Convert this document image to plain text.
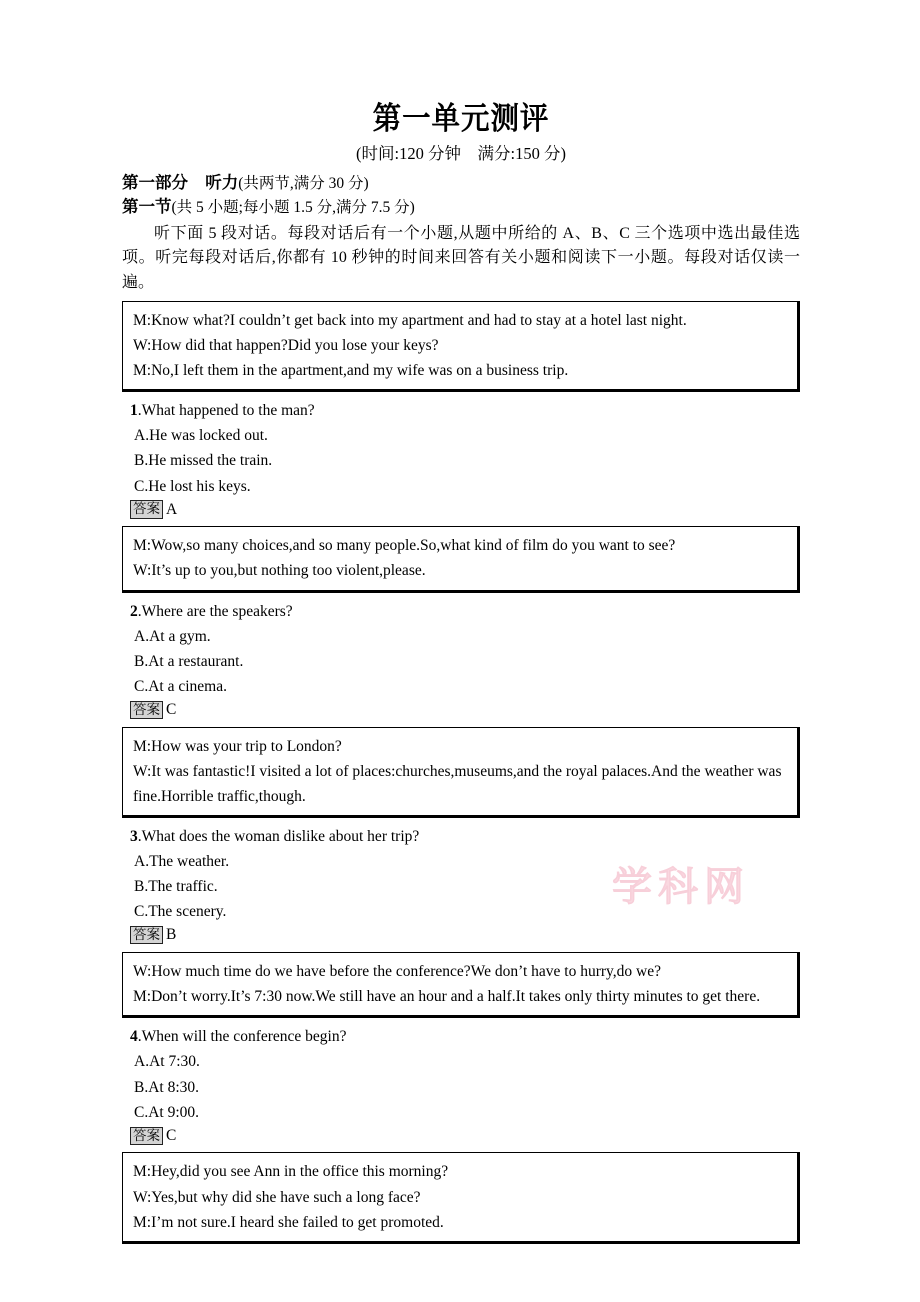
学科网
第一单元测评
(时间:120 分钟    满分:150 分)

第一部分   听力(共两节,满分 30 分)

第一节(共 5 小题;每小题 1.5 分,满分 7.5 分)

听下面 5 段对话。每段对话后有一个小题,从题中所给的 A、B、C 三个选项中选出最佳选项。听完每段对话后,你都有 10 秒钟的时间来回答有关小题和阅读下一小题。每段对话仅读一遍。

M:Know what?I couldn’t get back into my apartment and had to stay at a hotel last night.

W:How did that happen?Did you lose your keys?

M:No,I left them in the apartment,and my wife was on a business trip.

1.What happened to the man?

A.He was locked out.

B.He missed the train.

C.He lost his keys.

答案 A

M:Wow,so many choices,and so many people.So,what kind of film do you want to see?

W:It’s up to you,but nothing too violent,please.

2.Where are the speakers?

A.At a gym.

B.At a restaurant.

C.At a cinema.

答案 C

M:How was your trip to London?

W:It was fantastic!I visited a lot of places:churches,museums,and the royal palaces.And the weather was fine.Horrible traffic,though.

3.What does the woman dislike about her trip?

A.The weather.

B.The traffic.

C.The scenery.

答案 B

W:How much time do we have before the conference?We don’t have to hurry,do we?

M:Don’t worry.It’s 7:30 now.We still have an hour and a half.It takes only thirty minutes to get there.

4.When will the conference begin?

A.At 7:30.

B.At 8:30.

C.At 9:00.

答案 C

M:Hey,did you see Ann in the office this morning?

W:Yes,but why did she have such a long face?

M:I’m not sure.I heard she failed to get promoted.
